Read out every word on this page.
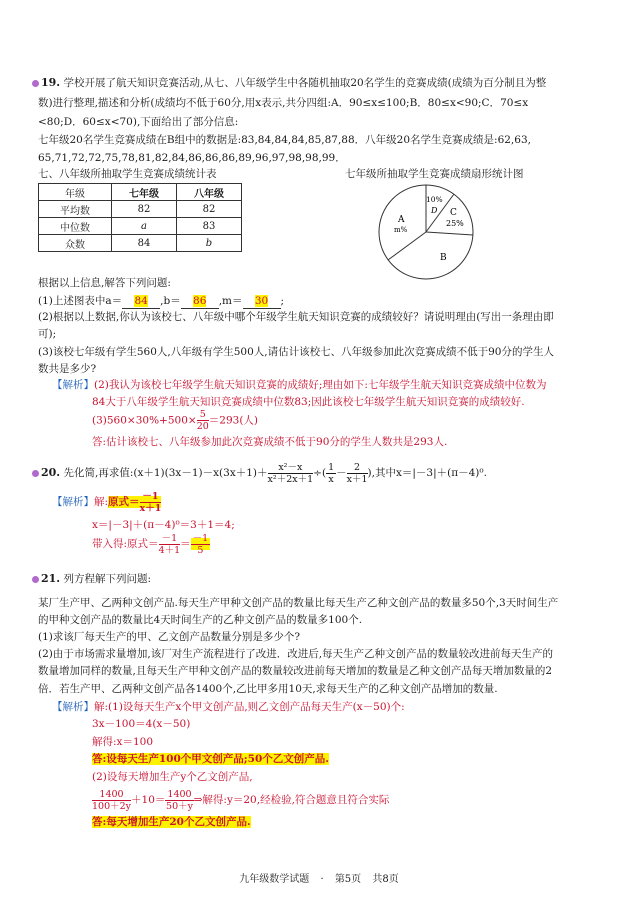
19. 学校开展了航天知识竞赛活动,从七、八年级学生中各随机抽取20名学生的竞赛成绩(成绩为百分制且为整
数)进行整理,描述和分析(成绩均不低于60分,用x表示,共分四组:A．90≤x≤100;B．80≤x<90;C．70≤x
<80;D．60≤x<70),下面给出了部分信息:
七年级20名学生竞赛成绩在B组中的数据是:83,84,84,84,85,87,88．八年级20名学生竞赛成绩是:62,63,
65,71,72,72,75,78,81,82,84,86,86,86,89,96,97,98,98,99．
七、八年级所抽取学生竞赛成绩统计表	七年级所抽取学生竞赛成绩扇形统计图
年级	七年级	八年级
平均数	82	82
中位数	a	83
众数	84	b
A
m%
10%
D C
25%
B
根据以上信息,解答下列问题:
(1)上述图表中a＝ 84 ,b＝ 86 ,m＝ 30 ;
(2)根据以上数据,你认为该校七、八年级中哪个年级学生航天知识竞赛的成绩较好？请说明理由(写出一条理由即
可);
(3)该校七年级有学生560人,八年级有学生500人,请估计该校七、八年级参加此次竞赛成绩不低于90分的学生人
数共是多少?
【解析】(2)我认为该校七年级学生航天知识竞赛的成绩好;理由如下:七年级学生航天知识竞赛成绩中位数为
84大于八年级学生航天知识竞赛成绩中位数83;因此该校七年级学生航天知识竞赛的成绩较好.
$(3)560\times 30\%+500\times \frac{5}{20} =293$(人)
答:估计该校七、八年级参加此次竞赛成绩不低于90分的学生人数共是293人.
20. 先化简,再求值:(x＋1)(3x－1)－x(3x＋1)＋ $\frac{\text{x²－x}}{\text{x²＋2x＋1}}$ ÷( $\frac{1}{x} - \frac{2}{x+1}$ ),其中x＝|－3|＋(π－4)⁰.
【解析】解:原式＝ $\frac{-1}{x+1}$
x＝|－3|＋(π－4)⁰＝3＋1＝4;
带入得:原式＝ $\frac{-1}{4+1} = \frac{-1}{5}$
21. 列方程解下列问题:
某厂生产甲、乙两种文创产品.每天生产甲种文创产品的数量比每天生产乙种文创产品的数量多50个,3天时间生产
的甲种文创产品的数量比4天时间生产的乙种文创产品的数量多100个.
(1)求该厂每天生产的甲、乙文创产品数量分别是多少个?
(2)由于市场需求量增加,该厂对生产流程进行了改进．改进后,每天生产乙种文创产品的数量较改进前每天生产的
数量增加同样的数量,且每天生产甲种文创产品的数量较改进前每天增加的数量是乙种文创产品每天增加数量的2
倍．若生产甲、乙两种文创产品各1400个,乙比甲多用10天,求每天生产的乙种文创产品增加的数量.
【解析】解:(1)设每天生产x个甲文创产品,则乙文创产品每天生产(x－50)个:
3x－100＝4(x－50)
解得:x＝100
答:设每天生产100个甲文创产品;50个乙文创产品.
(2)设每天增加生产y个乙文创产品,
$\frac{1400}{100+2y} +10= \frac{1400}{50+y}$ ⇒解得:y＝20,经检验,符合题意且符合实际
答:每天增加生产20个乙文创产品.
九年级数学试题 · 第5页 共8页
